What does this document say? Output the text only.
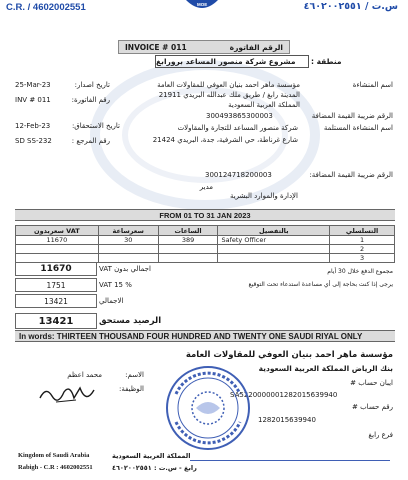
C.R. / 4602002551	MOE	س.ت / ٤٦٠٢٠٠٢٥٥١
INVOICE # 011	الرقم الفاتورة
مشروع شركة منصور المساعد برورابغ	منطقة :
اسم المنشاءة
مؤسسة ماهر احمد بنيان العوفي للمقاولات العامة
المدينة رابغ / طريق ملك عبدالله البريدي 21911
المملكة العربية السعودية
الرقم ضريبة القيمة المضافة
300493865300003
25-Mar-23	تاريخ اصدار:
INV # 011	رقم الفاتورة:
12-Feb-23	تاريخ الاستحقاق:
SD SS-232	رقم المرجع :
اسم المنشاءة المستلمة
شركة منصور المساعد للتجارة والمقاولات
شارع غرناطة، حي الشرفية، جدة، البريدي 21424
الرقم ضريبة القيمة المضافة:
300124718200003
مدير
الإدارة والموارد البشرية
FROM 01 TO 31 JAN 2023
سعربدون VAT	سعرساعة	الساعات	بالتفصيل	التسلسلي
11670	30	389	Safety Officer	1
				2
				3
11670	اجمالي بدون VAT
1751	VAT 15 %
13421	الاجمالي
13421	الرصيد مستحق
مجموع الدفع خلال 30 أيام
يرجى إذا كنت بحاجة إلى أي مساعدة استدعاء تحت التوقيع
In words: THIRTEEN THOUSAND FOUR HUNDRED AND TWENTY ONE SAUDI RIYAL ONLY
مؤسسة ماهر احمد بنيان العوفي للمقاولات العامة
بنك الرياض المملكة العربية السعودية
ايبان حساب #
SA5220000001282015639940
رقم حساب #
1282015639940
فرع رابغ
محمد اعظم	الاسم:
الوظيفة:
Kingdom of Saudi Arabia
Rabigh - C.R : 4602002551
المملكة العربية السعودية
رابغ - س.ت : ٤٦٠٢٠٠٢٥٥١
